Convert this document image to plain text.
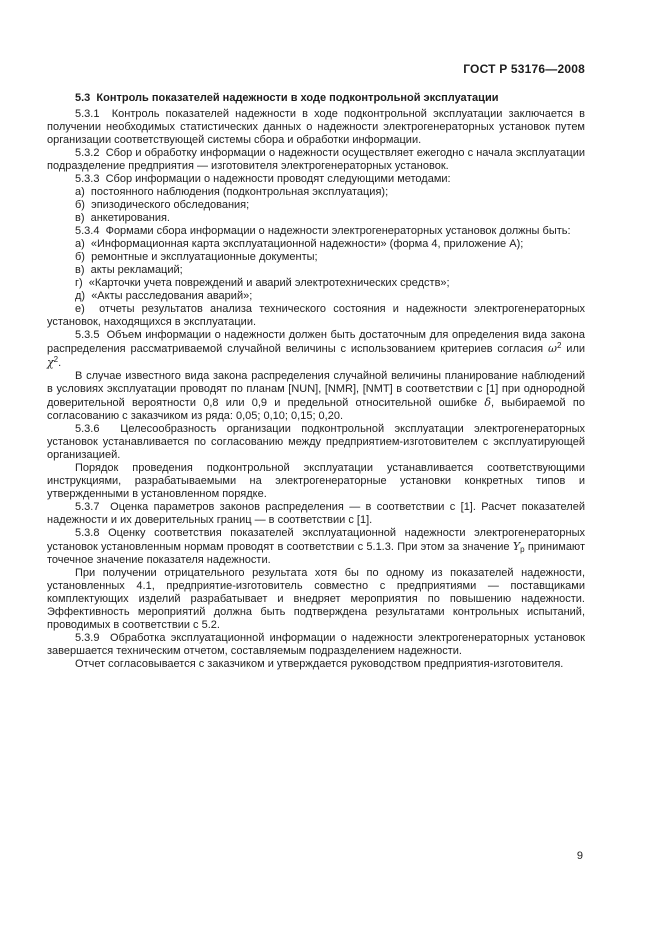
ГОСТ Р 53176—2008
5.3  Контроль показателей надежности в ходе подконтрольной эксплуатации

5.3.1  Контроль показателей надежности в ходе подконтрольной эксплуатации заключается в получении необходимых статистических данных о надежности электрогенераторных установок путем организации соответствующей системы сбора и обработки информации.

5.3.2  Сбор и обработку информации о надежности осуществляет ежегодно с начала эксплуатации подразделение предприятия — изготовителя электрогенераторных установок.

5.3.3  Сбор информации о надежности проводят следующими методами:

а)  постоянного наблюдения (подконтрольная эксплуатация);

б)  эпизодического обследования;

в)  анкетирования.

5.3.4  Формами сбора информации о надежности электрогенераторных установок должны быть:

а)  «Информационная карта эксплуатационной надежности» (форма 4, приложение А);

б)  ремонтные и эксплуатационные документы;

в)  акты рекламаций;

г)  «Карточки учета повреждений и аварий электротехнических средств»;

д)  «Акты расследования аварий»;

е)  отчеты результатов анализа технического состояния и надежности электрогенераторных установок, находящихся в эксплуатации.

5.3.5  Объем информации о надежности должен быть достаточным для определения вида закона распределения рассматриваемой случайной величины с использованием критериев согласия $\omega^2$ или $\chi^2$.

В случае известного вида закона распределения случайной величины планирование наблюдений в условиях эксплуатации проводят по планам [NUN], [NMR], [NMT] в соответствии с [1] при однородной доверительной вероятности 0,8 или 0,9 и предельной относительной ошибке δ, выбираемой по согласованию с заказчиком из ряда: 0,05; 0,10; 0,15; 0,20.

5.3.6  Целесообразность организации подконтрольной эксплуатации электрогенераторных установок устанавливается по согласованию между предприятием-изготовителем с эксплуатирующей организацией.

Порядок проведения подконтрольной эксплуатации устанавливается соответствующими инструкциями, разрабатываемыми на электрогенераторные установки конкретных типов и утвержденными в установленном порядке.

5.3.7  Оценка параметров законов распределения — в соответствии с [1]. Расчет показателей надежности и их доверительных границ — в соответствии с [1].

5.3.8 Оценку соответствия показателей эксплуатационной надежности электрогенераторных установок установленным нормам проводят в соответствии с 5.1.3. При этом за значение $Y_p$ принимают точечное значение показателя надежности.

При получении отрицательного результата хотя бы по одному из показателей надежности, установленных 4.1, предприятие-изготовитель совместно с предприятиями — поставщиками комплектующих изделий разрабатывает и внедряет мероприятия по повышению надежности. Эффективность мероприятий должна быть подтверждена результатами контрольных испытаний, проводимых в соответствии с 5.2.

5.3.9  Обработка эксплуатационной информации о надежности электрогенераторных установок завершается техническим отчетом, составляемым подразделением надежности.

Отчет согласовывается с заказчиком и утверждается руководством предприятия-изготовителя.

9
